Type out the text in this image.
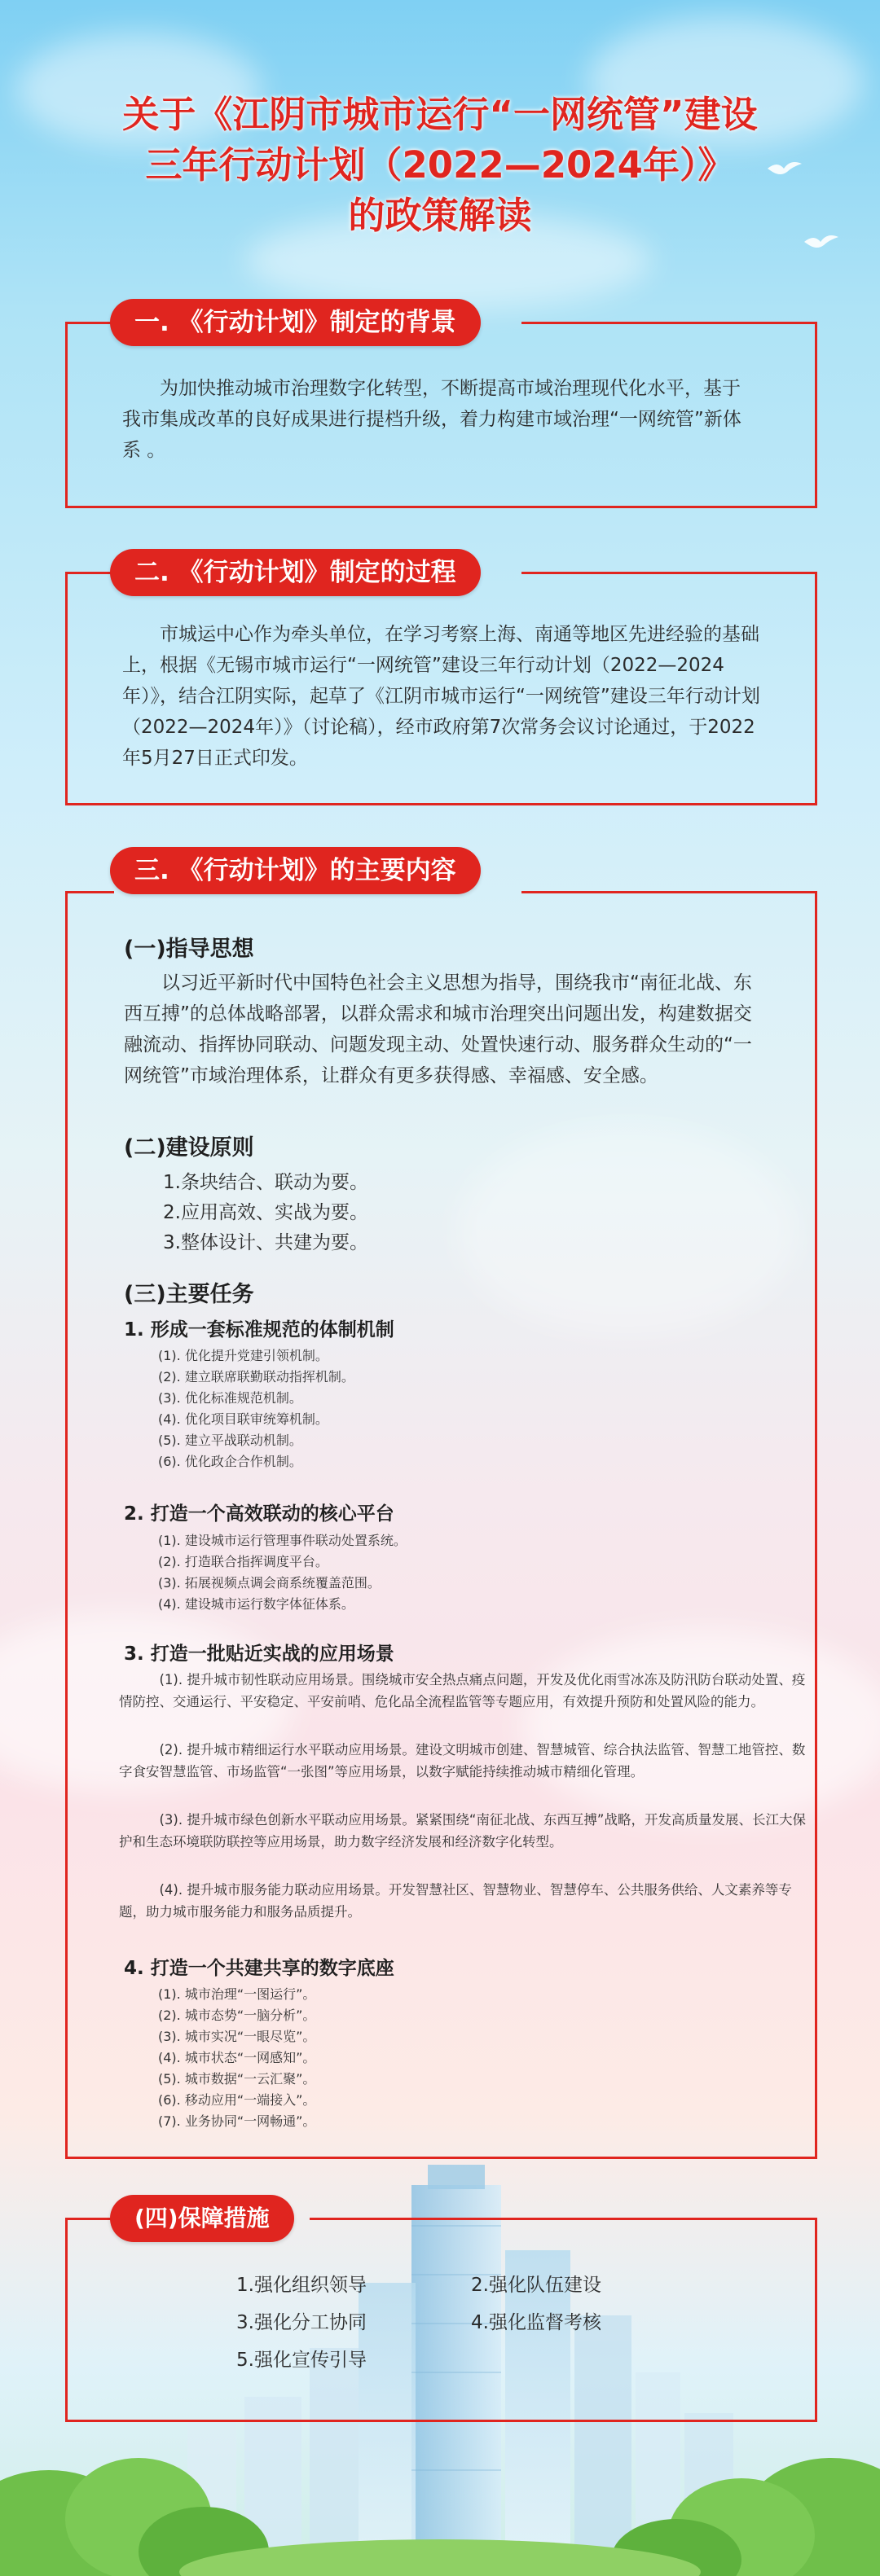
关于《江阴市城市运行“一网统管”建设
三年行动计划（2022—2024年）》
的政策解读
一. 《行动计划》制定的背景

为加快推动城市治理数字化转型，不断提高市域治理现代化水平，基于我市集成改革的良好成果进行提档升级，着力构建市域治理“一网统管”新体系 。

二. 《行动计划》制定的过程

市城运中心作为牵头单位，在学习考察上海、南通等地区先进经验的基础上，根据《无锡市城市运行“一网统管”建设三年行动计划（2022—2024年）》，结合江阴实际，起草了《江阴市城市运行“一网统管”建设三年行动计划（2022—2024年）》（讨论稿），经市政府第7次常务会议讨论通过，于2022年5月27日正式印发。

三. 《行动计划》的主要内容
(一)指导思想

以习近平新时代中国特色社会主义思想为指导，围绕我市“南征北战、东西互搏”的总体战略部署，以群众需求和城市治理突出问题出发，构建数据交融流动、指挥协同联动、问题发现主动、处置快速行动、服务群众生动的“一网统管”市域治理体系，让群众有更多获得感、幸福感、安全感。

(二)建设原则
1.条块结合、联动为要。
2.应用高效、实战为要。
3.整体设计、共建为要。
(三)主要任务
1. 形成一套标准规范的体制机制
(1). 优化提升党建引领机制。
(2). 建立联席联勤联动指挥机制。
(3). 优化标准规范机制。
(4). 优化项目联审统筹机制。
(5). 建立平战联动机制。
(6). 优化政企合作机制。
2. 打造一个高效联动的核心平台
(1). 建设城市运行管理事件联动处置系统。
(2). 打造联合指挥调度平台。
(3). 拓展视频点调会商系统覆盖范围。
(4). 建设城市运行数字体征体系。
3. 打造一批贴近实战的应用场景

(1). 提升城市韧性联动应用场景。围绕城市安全热点痛点问题，开发及优化雨雪冰冻及防汛防台联动处置、疫情防控、交通运行、平安稳定、平安前哨、危化品全流程监管等专题应用，有效提升预防和处置风险的能力。

(2). 提升城市精细运行水平联动应用场景。建设文明城市创建、智慧城管、综合执法监管、智慧工地管控、数字食安智慧监管、市场监管“一张图”等应用场景，以数字赋能持续推动城市精细化管理。

(3). 提升城市绿色创新水平联动应用场景。紧紧围绕“南征北战、东西互搏”战略，开发高质量发展、长江大保护和生态环境联防联控等应用场景，助力数字经济发展和经济数字化转型。

(4). 提升城市服务能力联动应用场景。开发智慧社区、智慧物业、智慧停车、公共服务供给、人文素养等专题，助力城市服务能力和服务品质提升。

4. 打造一个共建共享的数字底座
(1). 城市治理“一图运行”。
(2). 城市态势“一脑分析”。
(3). 城市实况“一眼尽览”。
(4). 城市状态“一网感知”。
(5). 城市数据“一云汇聚”。
(6). 移动应用“一端接入”。
(7). 业务协同“一网畅通”。
(四)保障措施
1.强化组织领导	2.强化队伍建设
3.强化分工协同	4.强化监督考核
5.强化宣传引导
